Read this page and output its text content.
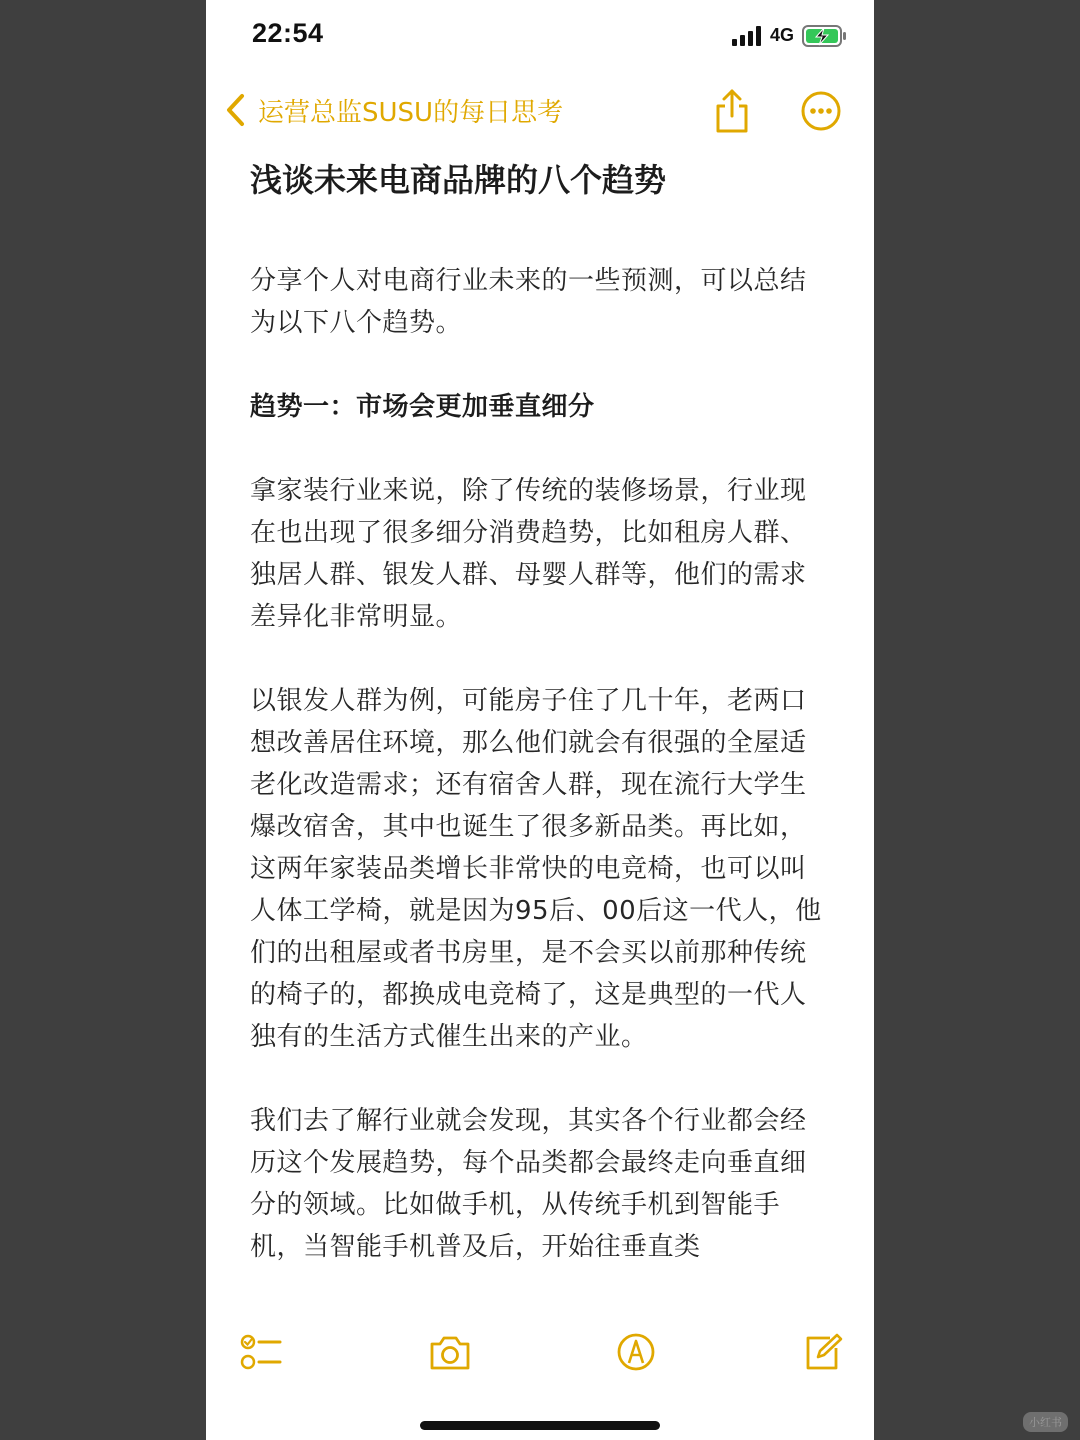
22:54	4G
运营总监SUSU的每日思考
浅谈未来电商品牌的八个趋势

分享个人对电商行业未来的一些预测，可以总结为以下八个趋势。

趋势一：市场会更加垂直细分

拿家装行业来说，除了传统的装修场景，行业现在也出现了很多细分消费趋势，比如租房人群、独居人群、银发人群、母婴人群等，他们的需求差异化非常明显。

以银发人群为例，可能房子住了几十年，老两口想改善居住环境，那么他们就会有很强的全屋适老化改造需求；还有宿舍人群，现在流行大学生爆改宿舍，其中也诞生了很多新品类。再比如，这两年家装品类增长非常快的电竞椅，也可以叫人体工学椅，就是因为95后、00后这一代人，他们的出租屋或者书房里，是不会买以前那种传统的椅子的，都换成电竞椅了，这是典型的一代人独有的生活方式催生出来的产业。

我们去了解行业就会发现，其实各个行业都会经历这个发展趋势，每个品类都会最终走向垂直细分的领域。比如做手机，从传统手机到智能手机，当智能手机普及后，开始往垂直类

小红书
